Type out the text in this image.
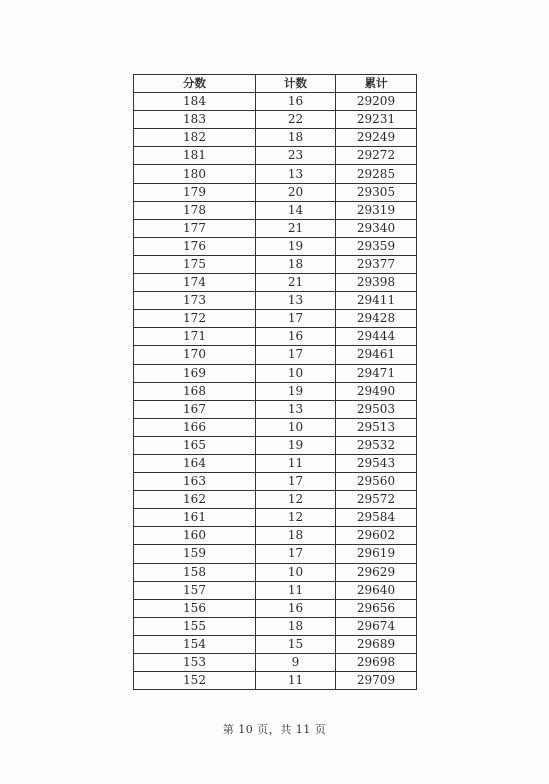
分数	计数	累计
184	16	29209
183	22	29231
182	18	29249
181	23	29272
180	13	29285
179	20	29305
178	14	29319
177	21	29340
176	19	29359
175	18	29377
174	21	29398
173	13	29411
172	17	29428
171	16	29444
170	17	29461
169	10	29471
168	19	29490
167	13	29503
166	10	29513
165	19	29532
164	11	29543
163	17	29560
162	12	29572
161	12	29584
160	18	29602
159	17	29619
158	10	29629
157	11	29640
156	16	29656
155	18	29674
154	15	29689
153	9	29698
152	11	29709
第 10 页，共 11 页
